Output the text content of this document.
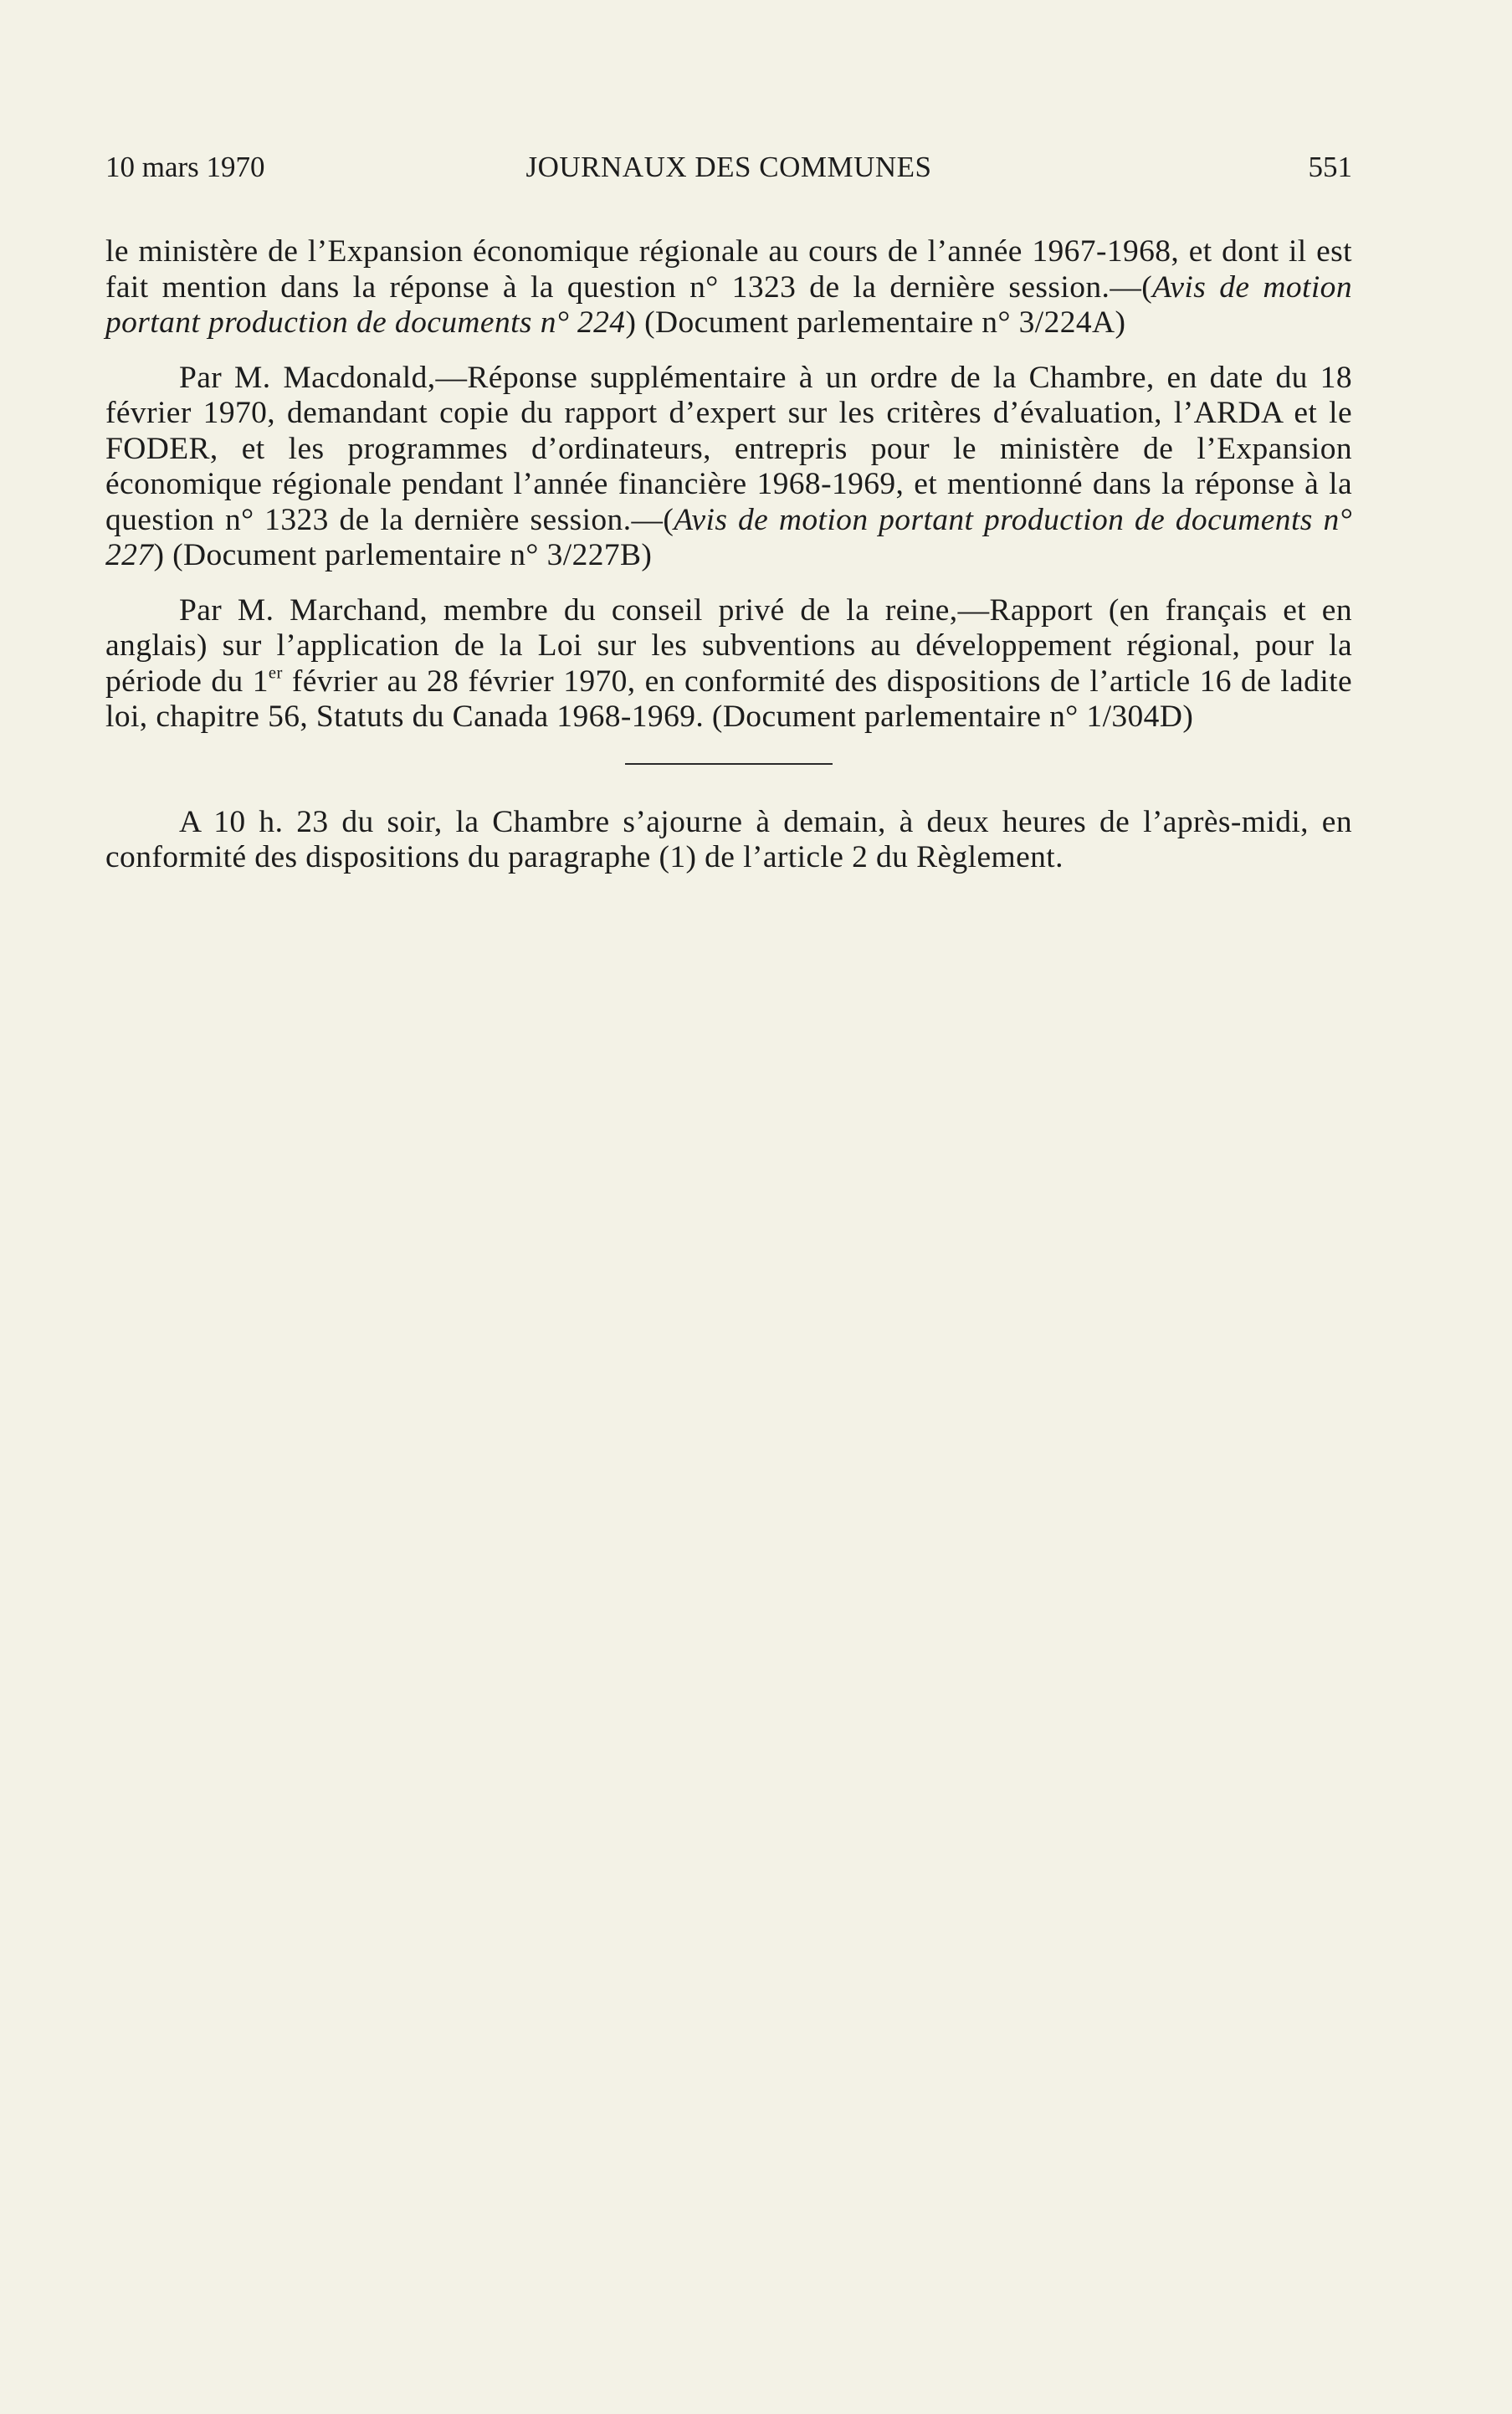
10 mars 1970	JOURNAUX DES COMMUNES	551

le ministère de l’Expansion économique régionale au cours de l’année 1967-1968, et dont il est fait mention dans la réponse à la question n° 1323 de la dernière session.—(Avis de motion portant production de documents n° 224) (Document parlementaire n° 3/224A)

Par M. Macdonald,—Réponse supplémentaire à un ordre de la Chambre, en date du 18 février 1970, demandant copie du rapport d’expert sur les critères d’évaluation, l’ARDA et le FODER, et les programmes d’ordinateurs, entrepris pour le ministère de l’Expansion économique régionale pendant l’année financière 1968-1969, et mentionné dans la réponse à la question n° 1323 de la dernière session.—(Avis de motion portant production de documents n° 227) (Document parlementaire n° 3/227B)

Par M. Marchand, membre du conseil privé de la reine,—Rapport (en français et en anglais) sur l’application de la Loi sur les subventions au développement régional, pour la période du 1er février au 28 février 1970, en conformité des dispositions de l’article 16 de ladite loi, chapitre 56, Statuts du Canada 1968-1969. (Document parlementaire n° 1/304D)

A 10 h. 23 du soir, la Chambre s’ajourne à demain, à deux heures de l’après-midi, en conformité des dispositions du paragraphe (1) de l’article 2 du Règlement.
